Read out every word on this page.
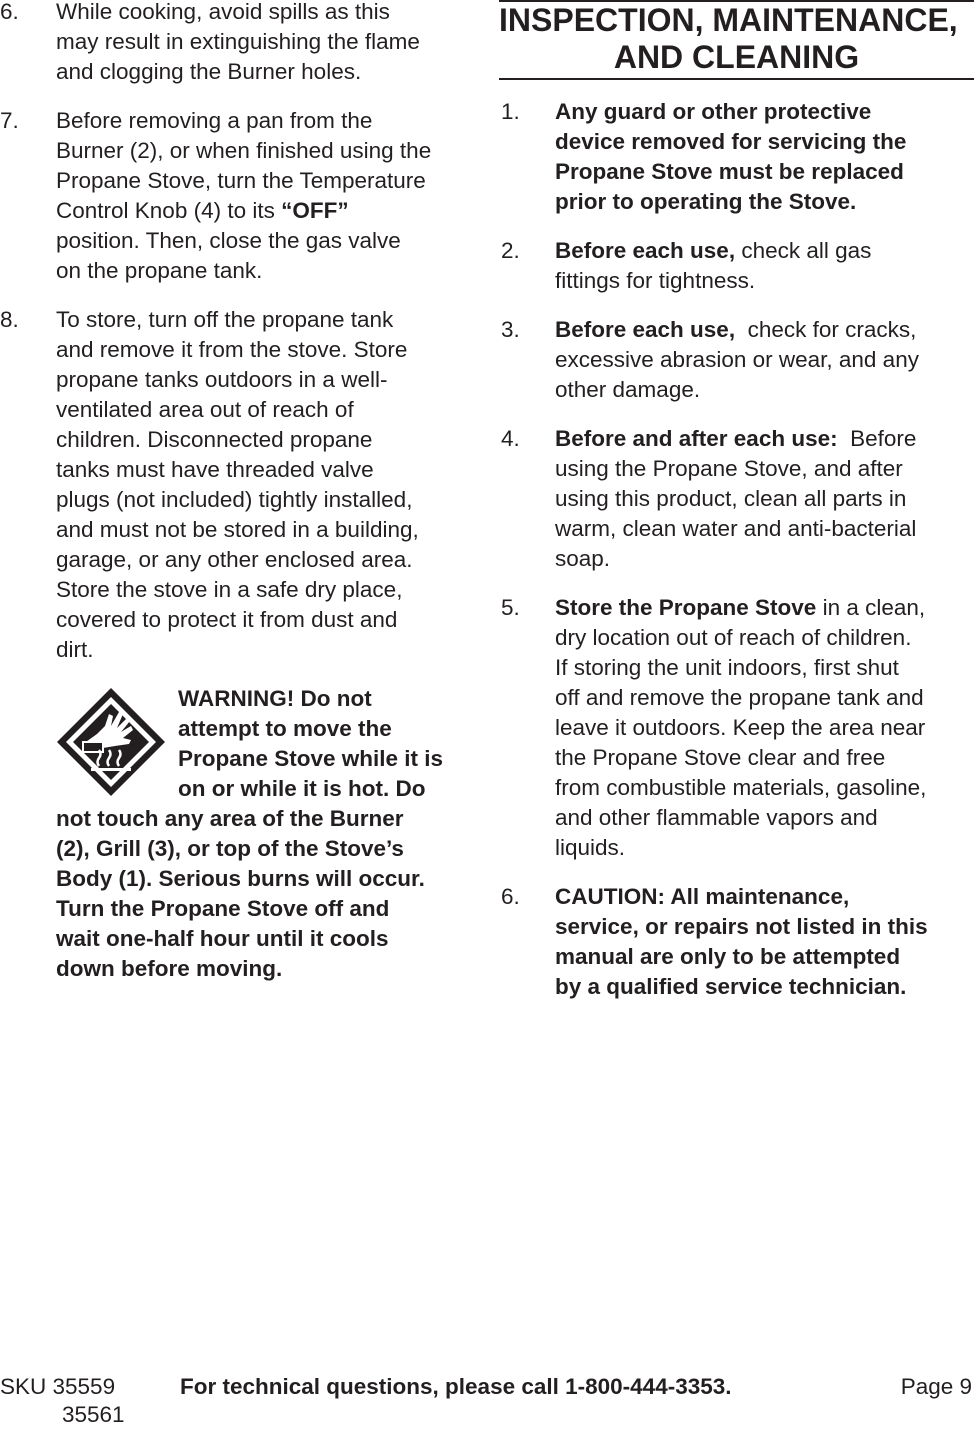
6. While cooking, avoid spills as this
may result in extinguishing the flame
and clogging the Burner holes.
7. Before removing a pan from the
Burner (2), or when finished using the
Propane Stove, turn the Temperature
Control Knob (4) to its “OFF”
position. Then, close the gas valve
on the propane tank.
8. To store, turn off the propane tank
and remove it from the stove. Store
propane tanks outdoors in a well-
ventilated area out of reach of
children. Disconnected propane
tanks must have threaded valve
plugs (not included) tightly installed,
and must not be stored in a building,
garage, or any other enclosed area.
Store the stove in a safe dry place,
covered to protect it from dust and
dirt.
WARNING! Do not
attempt to move the
Propane Stove while it is
on or while it is hot. Do
not touch any area of the Burner
(2), Grill (3), or top of the Stove’s
Body (1). Serious burns will occur.
Turn the Propane Stove off and
wait one-half hour until it cools
down before moving.
INSPECTION, MAINTENANCE,
AND CLEANING
1. Any guard or other protective
device removed for servicing the
Propane Stove must be replaced
prior to operating the Stove.
2. Before each use, check all gas
fittings for tightness.
3. Before each use,  check for cracks,
excessive abrasion or wear, and any
other damage.
4. Before and after each use:  Before
using the Propane Stove, and after
using this product, clean all parts in
warm, clean water and anti-bacterial
soap.
5. Store the Propane Stove in a clean,
dry location out of reach of children.
If storing the unit indoors, first shut
off and remove the propane tank and
leave it outdoors. Keep the area near
the Propane Stove clear and free
from combustible materials, gasoline,
and other flammable vapors and
liquids.
6. CAUTION: All maintenance,
service, or repairs not listed in this
manual are only to be attempted
by a qualified service technician.
SKU 35559
35561
For technical questions, please call 1-800-444-3353.	Page 9
